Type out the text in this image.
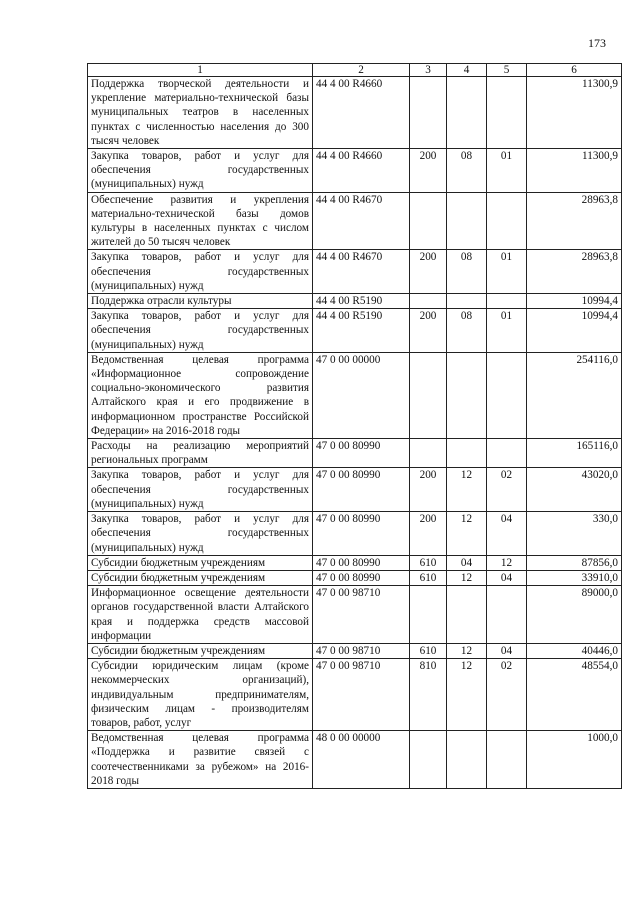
173
1	2	3	4	5	6
Поддержка творческой деятельности и укрепление материально-технической базы муниципальных театров в населенных пунктах с численностью населения до 300 тысяч человек	44 4 00 R4660				11300,9
Закупка товаров, работ и услуг для обеспечения государственных (муниципальных) нужд	44 4 00 R4660	200	08	01	11300,9
Обеспечение развития и укрепления материально-технической базы домов культуры в населенных пунктах с числом жителей до 50 тысяч человек	44 4 00 R4670				28963,8
Закупка товаров, работ и услуг для обеспечения государственных (муниципальных) нужд	44 4 00 R4670	200	08	01	28963,8
Поддержка отрасли культуры	44 4 00 R5190				10994,4
Закупка товаров, работ и услуг для обеспечения государственных (муниципальных) нужд	44 4 00 R5190	200	08	01	10994,4
Ведомственная целевая программа «Информационное сопровождение социально-экономического развития Алтайского края и его продвижение в информационном пространстве Российской Федерации» на 2016-2018 годы	47 0 00 00000				254116,0
Расходы на реализацию мероприятий региональных программ	47 0 00 80990				165116,0
Закупка товаров, работ и услуг для обеспечения государственных (муниципальных) нужд	47 0 00 80990	200	12	02	43020,0
Закупка товаров, работ и услуг для обеспечения государственных (муниципальных) нужд	47 0 00 80990	200	12	04	330,0
Субсидии бюджетным учреждениям	47 0 00 80990	610	04	12	87856,0
Субсидии бюджетным учреждениям	47 0 00 80990	610	12	04	33910,0
Информационное освещение деятельности органов государственной власти Алтайского края и поддержка средств массовой информации	47 0 00 98710				89000,0
Субсидии бюджетным учреждениям	47 0 00 98710	610	12	04	40446,0
Субсидии юридическим лицам (кроме некоммерческих организаций), индивидуальным предпринимателям, физическим лицам - производителям товаров, работ, услуг	47 0 00 98710	810	12	02	48554,0
Ведомственная целевая программа «Поддержка и развитие связей с соотечественниками за рубежом» на 2016-2018 годы	48 0 00 00000				1000,0
